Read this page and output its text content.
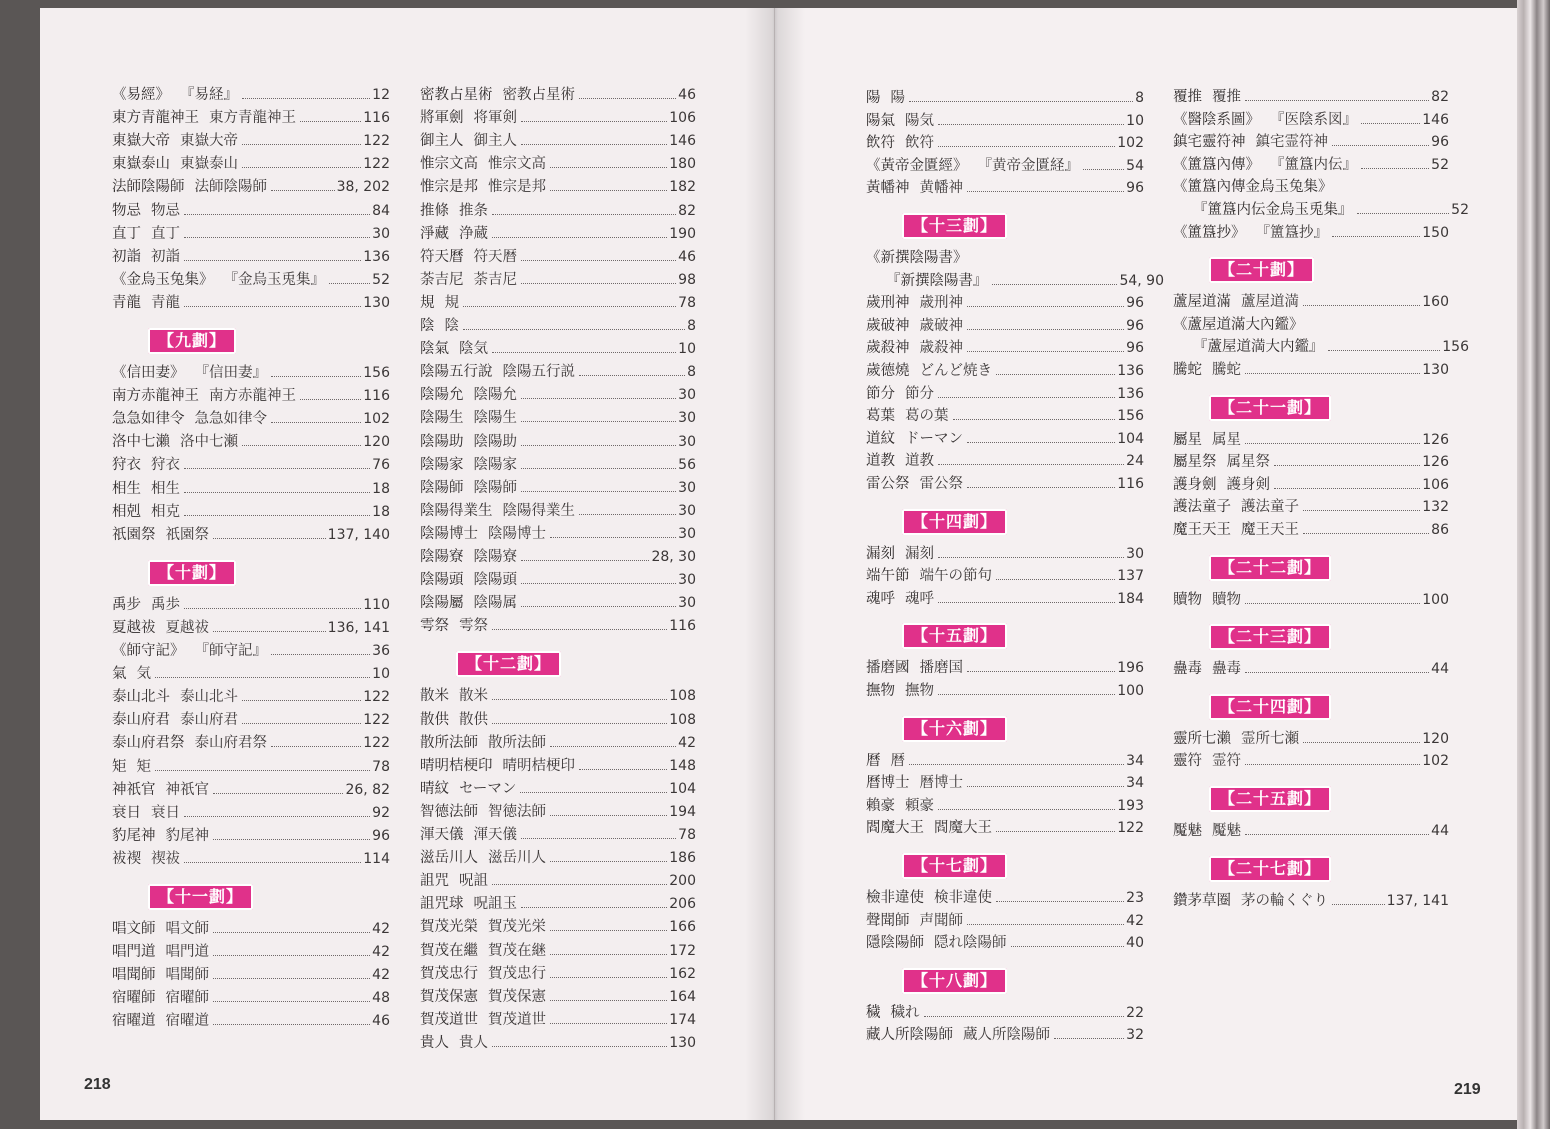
《易經》 『易経』	12
東方青龍神王 東方青龍神王	116
東嶽大帝 東嶽大帝	122
東嶽泰山 東嶽泰山	122
法師陰陽師 法師陰陽師	38, 202
物忌 物忌	84
直丁 直丁	30
初詣 初詣	136
《金烏玉兔集》 『金烏玉兎集』	52
青龍 青龍	130
【九劃】
《信田妻》 『信田妻』	156
南方赤龍神王 南方赤龍神王	116
急急如律令 急急如律令	102
洛中七瀨 洛中七瀬	120
狩衣 狩衣	76
相生 相生	18
相剋 相克	18
祇園祭 祇園祭	137, 140
【十劃】
禹步 禹歩	110
夏越祓 夏越祓	136, 141
《師守記》 『師守記』	36
氣 気	10
泰山北斗 泰山北斗	122
泰山府君 泰山府君	122
泰山府君祭 泰山府君祭	122
矩 矩	78
神祇官 神祇官	26, 82
衰日 衰日	92
豹尾神 豹尾神	96
袚禊 禊祓	114
【十一劃】
唱文師 唱文師	42
唱門道 唱門道	42
唱聞師 唱聞師	42
宿曜師 宿曜師	48
宿曜道 宿曜道	46
密教占星術 密教占星術	46
將軍劍 将軍剣	106
御主人 御主人	146
惟宗文高 惟宗文高	180
惟宗是邦 惟宗是邦	182
推條 推条	82
淨藏 浄蔵	190
符天曆 符天暦	46
荼吉尼 荼吉尼	98
規 規	78
陰 陰	8
陰氣 陰気	10
陰陽五行說 陰陽五行説	8
陰陽允 陰陽允	30
陰陽生 陰陽生	30
陰陽助 陰陽助	30
陰陽家 陰陽家	56
陰陽師 陰陽師	30
陰陽得業生 陰陽得業生	30
陰陽博士 陰陽博士	30
陰陽寮 陰陽寮	28, 30
陰陽頭 陰陽頭	30
陰陽屬 陰陽属	30
雩祭 雩祭	116
【十二劃】
散米 散米	108
散供 散供	108
散所法師 散所法師	42
晴明桔梗印 晴明桔梗印	148
晴紋 セーマン	104
智德法師 智徳法師	194
渾天儀 渾天儀	78
滋岳川人 滋岳川人	186
詛咒 呪詛	200
詛咒球 呪詛玉	206
賀茂光榮 賀茂光栄	166
賀茂在繼 賀茂在継	172
賀茂忠行 賀茂忠行	162
賀茂保憲 賀茂保憲	164
賀茂道世 賀茂道世	174
貴人 貴人	130
陽 陽	8
陽氣 陽気	10
飲符 飲符	102
《黃帝金匱經》 『黄帝金匱経』	54
黃幡神 黄幡神	96
【十三劃】
《新撰陰陽書》
『新撰陰陽書』	54, 90
歲刑神 歳刑神	96
歲破神 歳破神	96
歲殺神 歳殺神	96
歲德燒 どんど焼き	136
節分 節分	136
葛葉 葛の葉	156
道紋 ドーマン	104
道教 道教	24
雷公祭 雷公祭	116
【十四劃】
漏刻 漏刻	30
端午節 端午の節句	137
魂呼 魂呼	184
【十五劃】
播磨國 播磨国	196
撫物 撫物	100
【十六劃】
曆 暦	34
曆博士 暦博士	34
賴豪 頼豪	193
閻魔大王 閻魔大王	122
【十七劃】
檢非違使 検非違使	23
聲聞師 声聞師	42
隱陰陽師 隠れ陰陽師	40
【十八劃】
穢 穢れ	22
藏人所陰陽師 蔵人所陰陽師	32
覆推 覆推	82
《醫陰系圖》 『医陰系図』	146
鎮宅靈符神 鎮宅霊符神	96
《簠簋內傳》 『簠簋内伝』	52
《簠簋內傳金烏玉兔集》
『簠簋内伝金烏玉兎集』	52
《簠簋抄》 『簠簋抄』	150
【二十劃】
蘆屋道滿 蘆屋道満	160
《蘆屋道滿大內鑑》
『蘆屋道満大内鑑』	156
騰蛇 騰蛇	130
【二十一劃】
屬星 属星	126
屬星祭 属星祭	126
護身劍 護身剣	106
護法童子 護法童子	132
魔王天王 魔王天王	86
【二十二劃】
贖物 贖物	100
【二十三劃】
蠱毒 蠱毒	44
【二十四劃】
靈所七瀨 霊所七瀬	120
靈符 霊符	102
【二十五劃】
魘魅 魘魅	44
【二十七劃】
鑽茅草圈 茅の輪くぐり	137, 141
218	219
